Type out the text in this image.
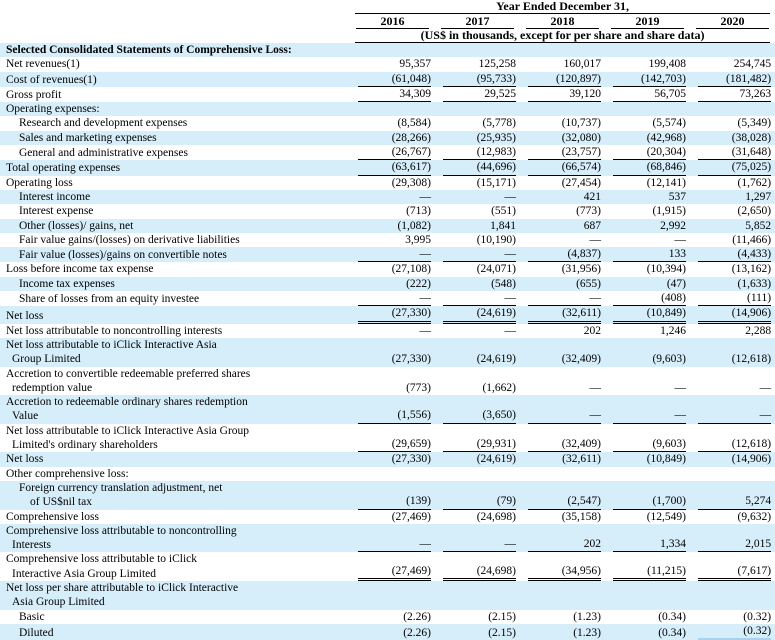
	Year Ended December 31,				

	2016	2017	2018	2019	2020

	(US$ in thousands, except for per share and share data)				

Selected Consolidated Statements of Comprehensive Loss:					

Net revenues(1)	95,357	125,258	160,017	199,408	254,745

Cost of revenues(1)	(61,048)	(95,733)	(120,897)	(142,703)	(181,482)

Gross profit	34,309	29,525	39,120	56,705	73,263

Operating expenses:					

Research and development expenses	(8,584)	(5,778)	(10,737)	(5,574)	(5,349)

Sales and marketing expenses	(28,266)	(25,935)	(32,080)	(42,968)	(38,028)

General and administrative expenses	(26,767)	(12,983)	(23,757)	(20,304)	(31,648)

Total operating expenses	(63,617)	(44,696)	(66,574)	(68,846)	(75,025)

Operating loss	(29,308)	(15,171)	(27,454)	(12,141)	(1,762)

Interest income	—	—	421	537	1,297

Interest expense	(713)	(551)	(773)	(1,915)	(2,650)

Other (losses)/ gains, net	(1,082)	1,841	687	2,992	5,852

Fair value gains/(losses) on derivative liabilities	3,995	(10,190)	—	—	(11,466)

Fair value (losses)/gains on convertible notes	—	—	(4,837)	133	(4,433)

Loss before income tax expense	(27,108)	(24,071)	(31,956)	(10,394)	(13,162)

Income tax expenses	(222)	(548)	(655)	(47)	(1,633)

Share of losses from an equity investee	—	—	—	(408)	(111)

Net loss	(27,330)	(24,619)	(32,611)	(10,849)	(14,906)

Net loss attributable to noncontrolling interests	—	—	202	1,246	2,288

Net loss attributable to iClick Interactive Asia
Group Limited	(27,330)	(24,619)	(32,409)	(9,603)	(12,618)

Accretion to convertible redeemable preferred shares
redemption value	(773)	(1,662)	—	—	—

Accretion to redeemable ordinary shares redemption
Value	(1,556)	(3,650)	—	—	—

Net loss attributable to iClick Interactive Asia Group
Limited's ordinary shareholders	(29,659)	(29,931)	(32,409)	(9,603)	(12,618)

Net loss	(27,330)	(24,619)	(32,611)	(10,849)	(14,906)

Other comprehensive loss:					

Foreign currency translation adjustment, net
of US$nil tax	(139)	(79)	(2,547)	(1,700)	5,274

Comprehensive loss	(27,469)	(24,698)	(35,158)	(12,549)	(9,632)

Comprehensive loss attributable to noncontrolling
Interests	—	—	202	1,334	2,015

Comprehensive loss attributable to iClick
Interactive Asia Group Limited	(27,469)	(24,698)	(34,956)	(11,215)	(7,617)

Net loss per share attributable to iClick Interactive
Asia Group Limited					

Basic	(2.26)	(2.15)	(1.23)	(0.34)	(0.32)

Diluted	(2.26)	(2.15)	(1.23)	(0.34)	(0.32)
